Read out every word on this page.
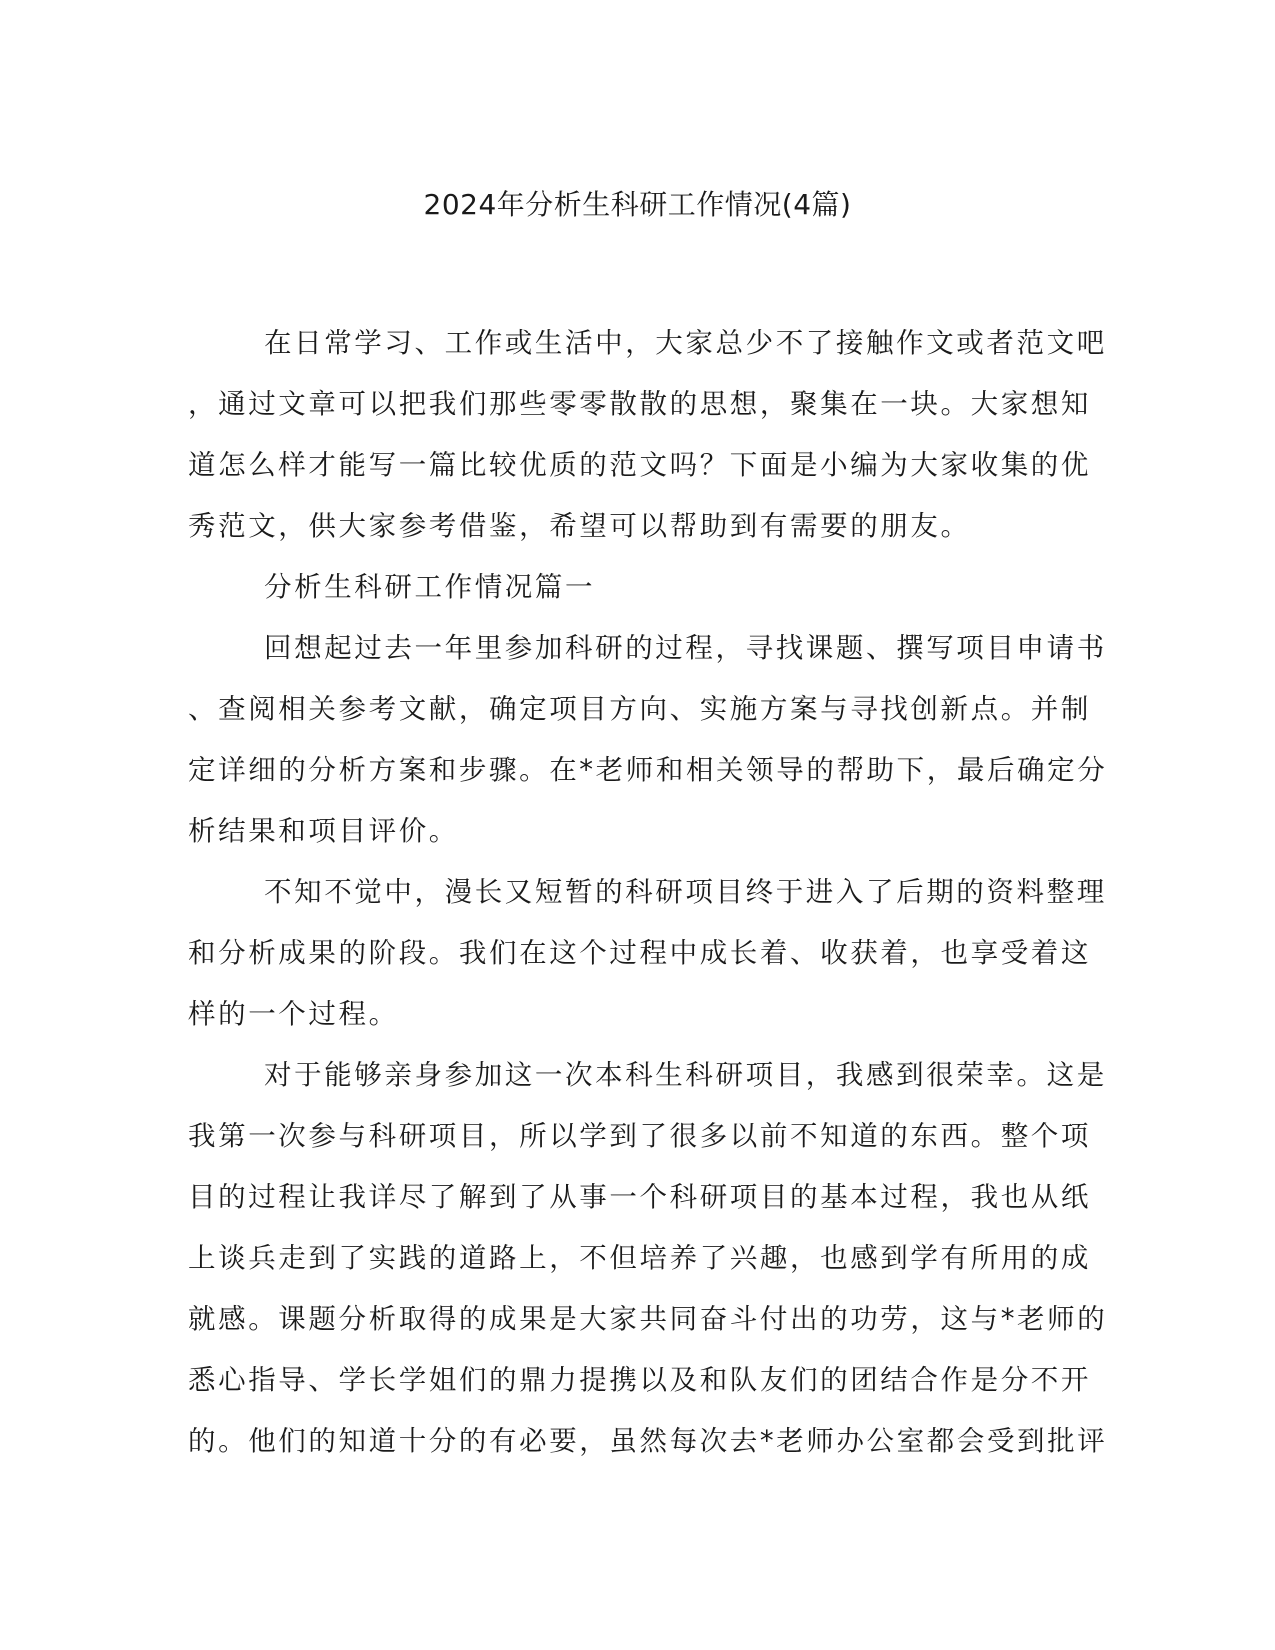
2024年分析生科研工作情况(4篇)
在日常学习、工作或生活中，大家总少不了接触作文或者范文吧
，通过文章可以把我们那些零零散散的思想，聚集在一块。大家想知
道怎么样才能写一篇比较优质的范文吗？下面是小编为大家收集的优
秀范文，供大家参考借鉴，希望可以帮助到有需要的朋友。
分析生科研工作情况篇一
回想起过去一年里参加科研的过程，寻找课题、撰写项目申请书
、查阅相关参考文献，确定项目方向、实施方案与寻找创新点。并制
定详细的分析方案和步骤。在*老师和相关领导的帮助下，最后确定分
析结果和项目评价。
不知不觉中，漫长又短暂的科研项目终于进入了后期的资料整理
和分析成果的阶段。我们在这个过程中成长着、收获着，也享受着这
样的一个过程。
对于能够亲身参加这一次本科生科研项目，我感到很荣幸。这是
我第一次参与科研项目，所以学到了很多以前不知道的东西。整个项
目的过程让我详尽了解到了从事一个科研项目的基本过程，我也从纸
上谈兵走到了实践的道路上，不但培养了兴趣，也感到学有所用的成
就感。课题分析取得的成果是大家共同奋斗付出的功劳，这与*老师的
悉心指导、学长学姐们的鼎力提携以及和队友们的团结合作是分不开
的。他们的知道十分的有必要，虽然每次去*老师办公室都会受到批评
